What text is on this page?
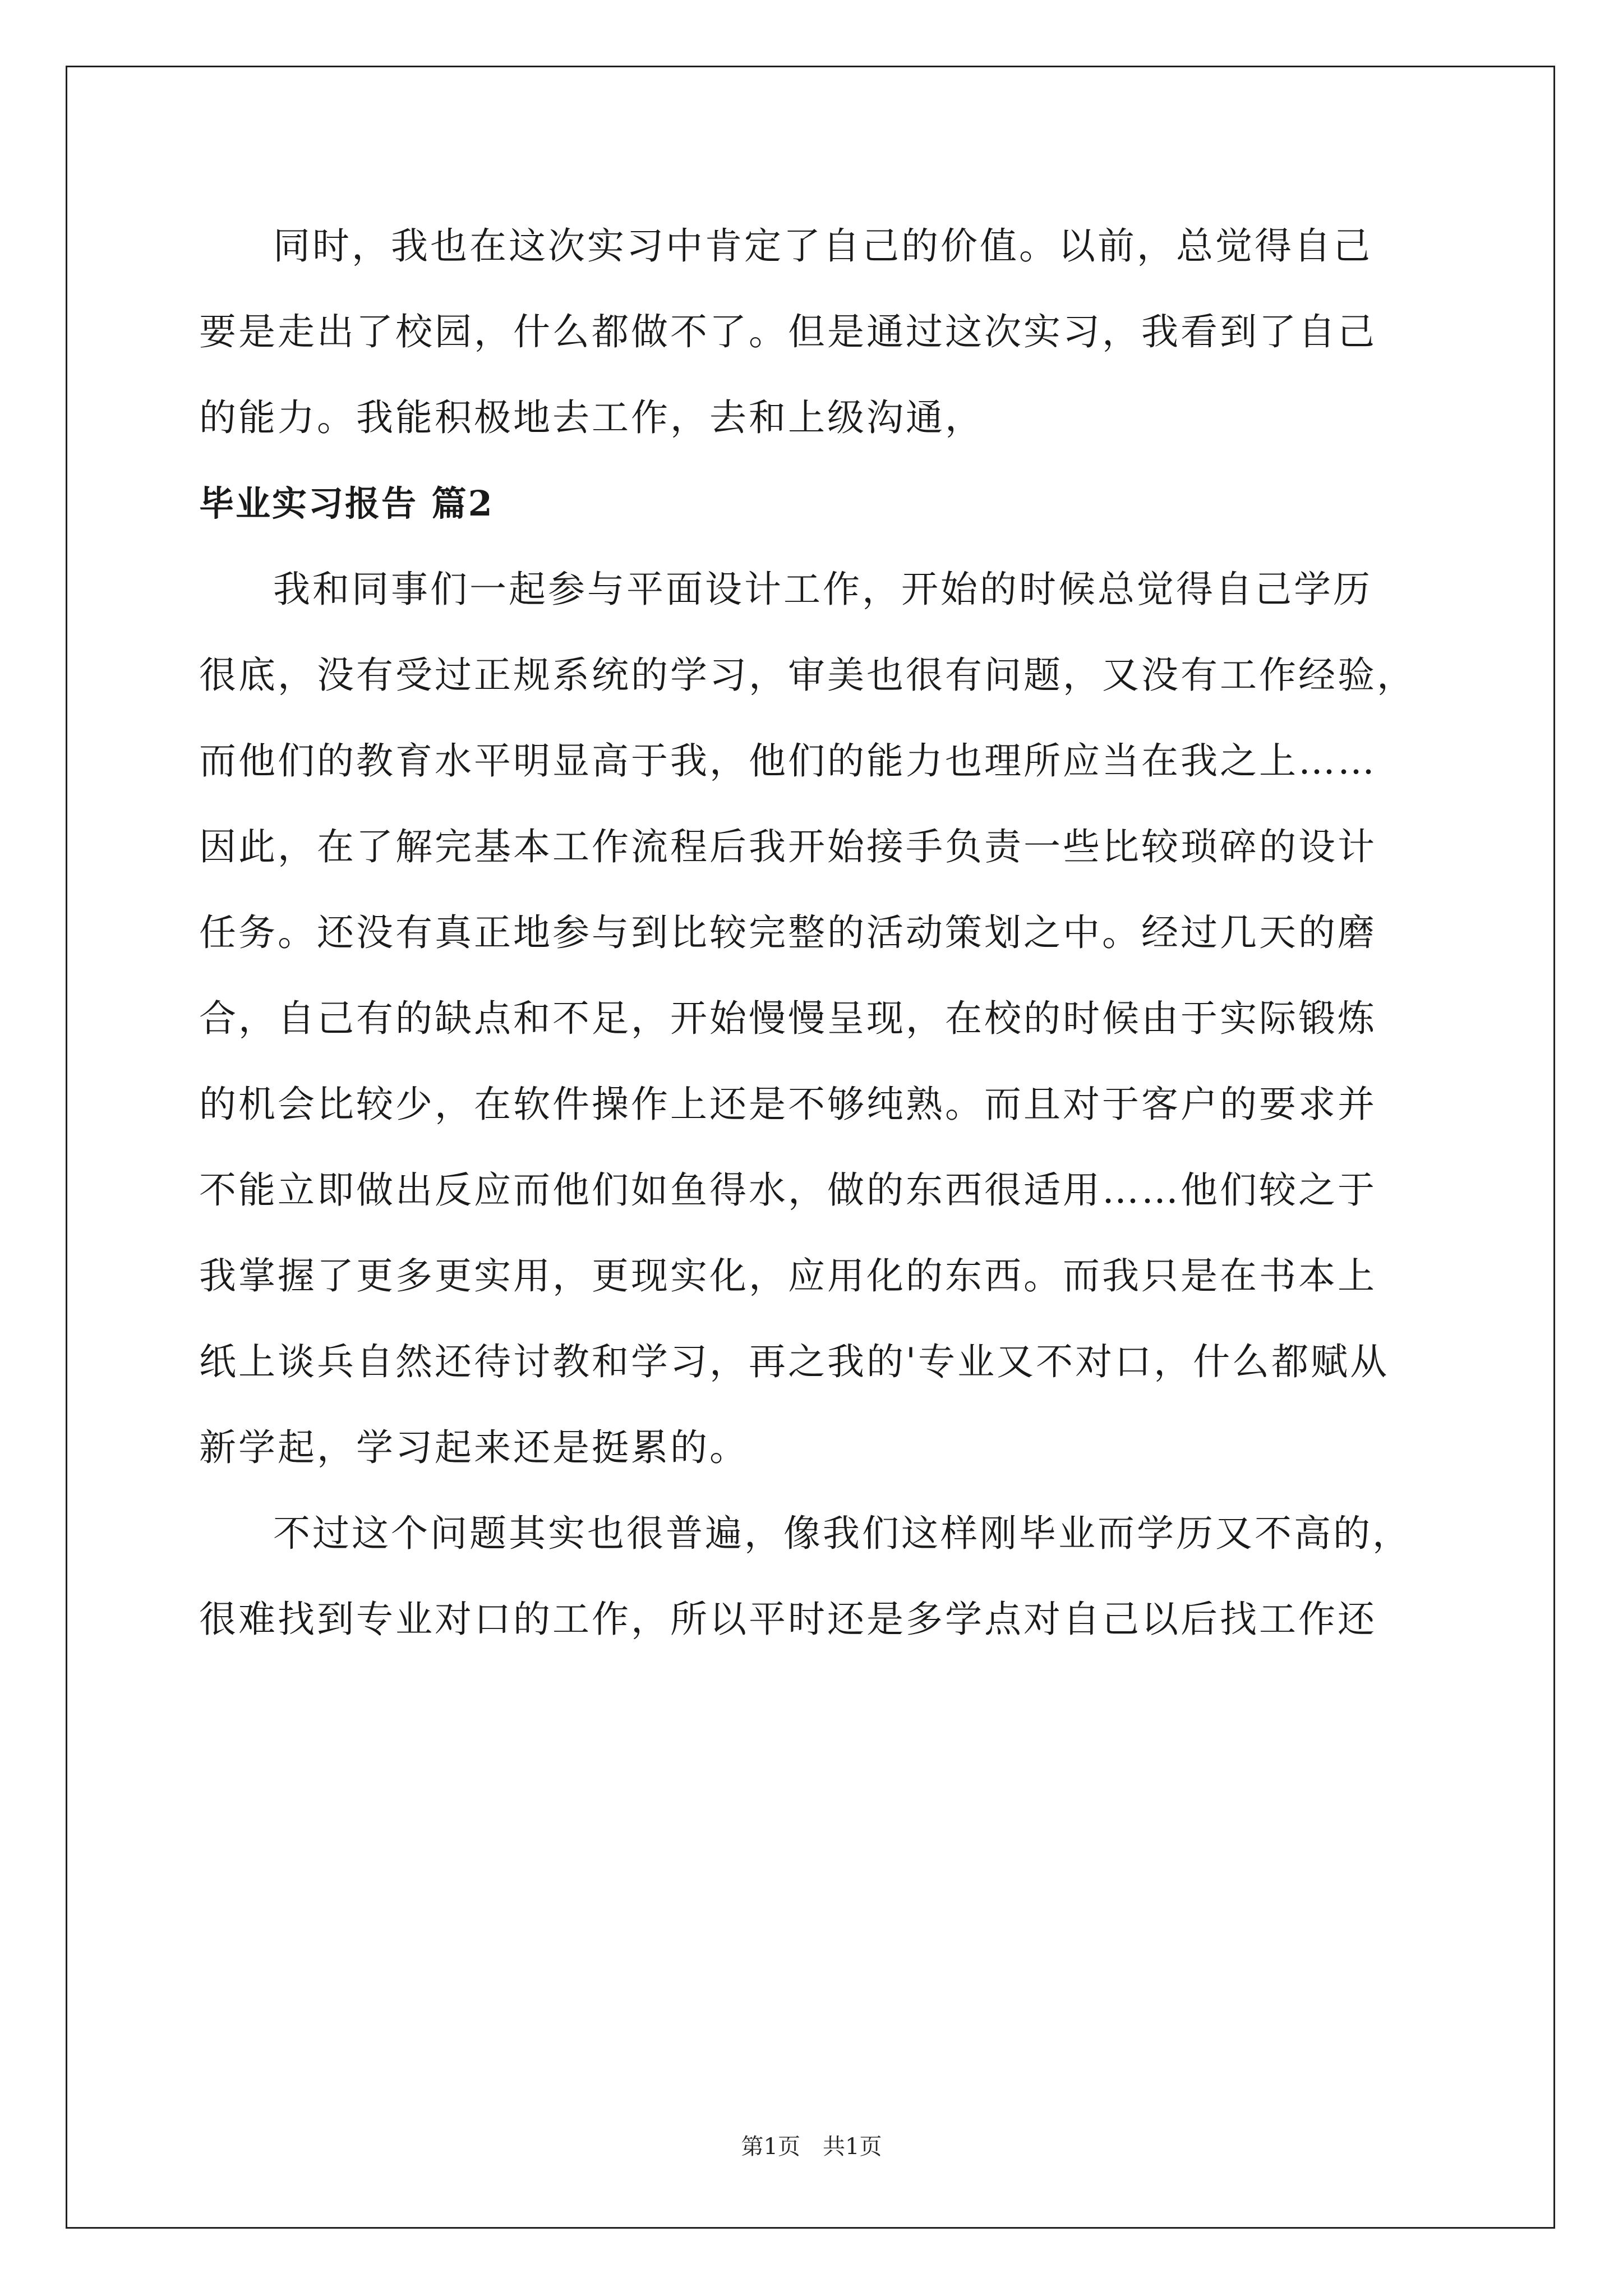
同时，我也在这次实习中肯定了自己的价值。以前，总觉得自己
要是走出了校园，什么都做不了。但是通过这次实习，我看到了自己
的能力。我能积极地去工作，去和上级沟通，

毕业实习报告 篇2

我和同事们一起参与平面设计工作，开始的时候总觉得自己学历
很底，没有受过正规系统的学习，审美也很有问题，又没有工作经验，
而他们的教育水平明显高于我，他们的能力也理所应当在我之上……
因此，在了解完基本工作流程后我开始接手负责一些比较琐碎的设计
任务。还没有真正地参与到比较完整的活动策划之中。经过几天的磨
合，自己有的缺点和不足，开始慢慢呈现，在校的时候由于实际锻炼
的机会比较少，在软件操作上还是不够纯熟。而且对于客户的要求并
不能立即做出反应而他们如鱼得水，做的东西很适用……他们较之于
我掌握了更多更实用，更现实化，应用化的东西。而我只是在书本上
纸上谈兵自然还待讨教和学习，再之我的'专业又不对口，什么都赋从
新学起，学习起来还是挺累的。

不过这个问题其实也很普遍，像我们这样刚毕业而学历又不高的，
很难找到专业对口的工作，所以平时还是多学点对自己以后找工作还

第1页 共1页
